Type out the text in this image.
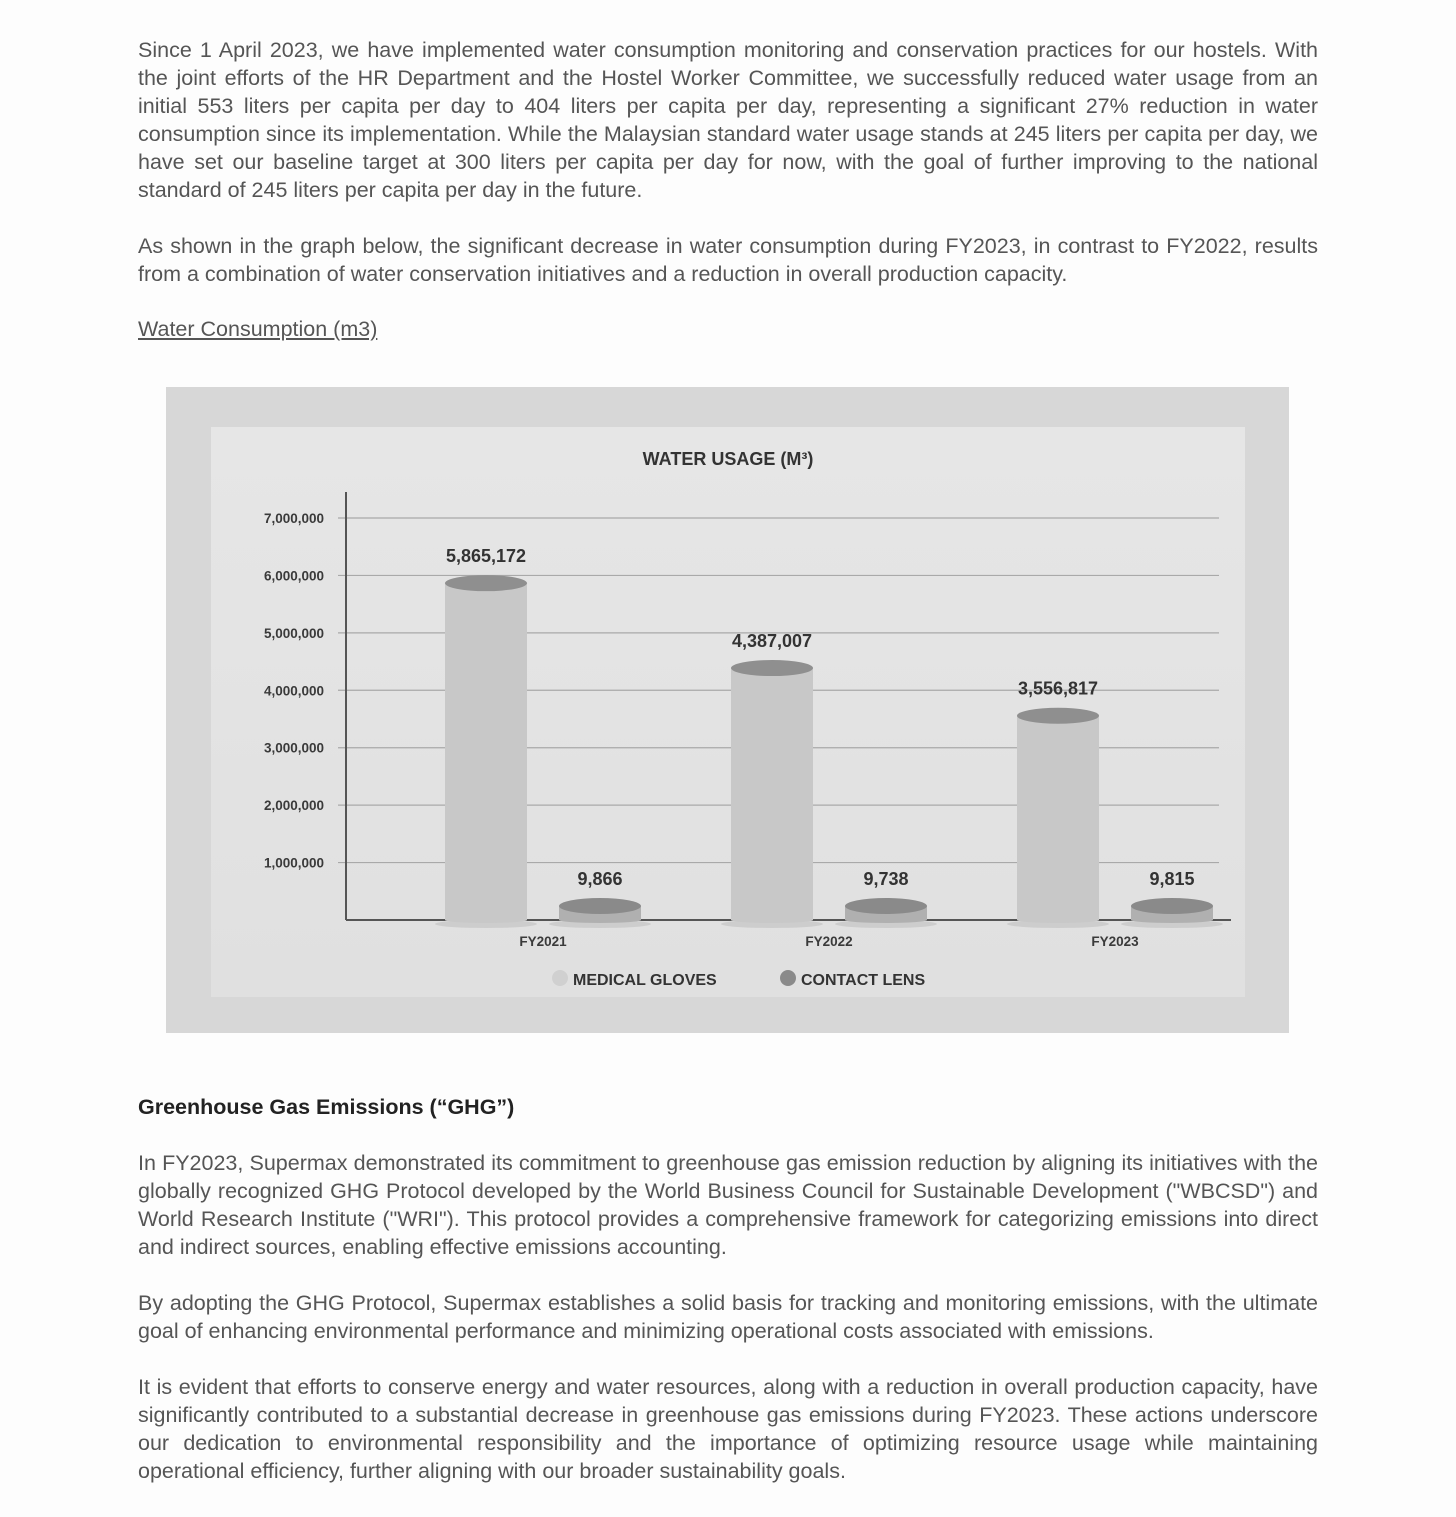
Since 1 April 2023, we have implemented water consumption monitoring and conservation practices for our hostels. With the joint efforts of the HR Department and the Hostel Worker Committee, we successfully reduced water usage from an initial 553 liters per capita per day to 404 liters per capita per day, representing a significant 27% reduction in water consumption since its implementation. While the Malaysian standard water usage stands at 245 liters per capita per day, we have set our baseline target at 300 liters per capita per day for now, with the goal of further improving to the national standard of 245 liters per capita per day in the future.

As shown in the graph below, the significant decrease in water consumption during FY2023, in contrast to FY2022, results from a combination of water conservation initiatives and a reduction in overall production capacity.

Water Consumption (m3)

WATER USAGE (M³)
1,000,000
2,000,000
3,000,000
4,000,000
5,000,000
6,000,000
7,000,000
5,865,172
9,866
FY2021
4,387,007
9,738
FY2022
3,556,817
9,815
FY2023
MEDICAL GLOVES	CONTACT LENS
Greenhouse Gas Emissions (“GHG”)

In FY2023, Supermax demonstrated its commitment to greenhouse gas emission reduction by aligning its initiatives with the globally recognized GHG Protocol developed by the World Business Council for Sustainable Development ("WBCSD") and World Research Institute ("WRI"). This protocol provides a comprehensive framework for categorizing emissions into direct and indirect sources, enabling effective emissions accounting.

By adopting the GHG Protocol, Supermax establishes a solid basis for tracking and monitoring emissions, with the ultimate goal of enhancing environmental performance and minimizing operational costs associated with emissions.

It is evident that efforts to conserve energy and water resources, along with a reduction in overall production capacity, have significantly contributed to a substantial decrease in greenhouse gas emissions during FY2023. These actions underscore our dedication to environmental responsibility and the importance of optimizing resource usage while maintaining operational efficiency, further aligning with our broader sustainability goals.
